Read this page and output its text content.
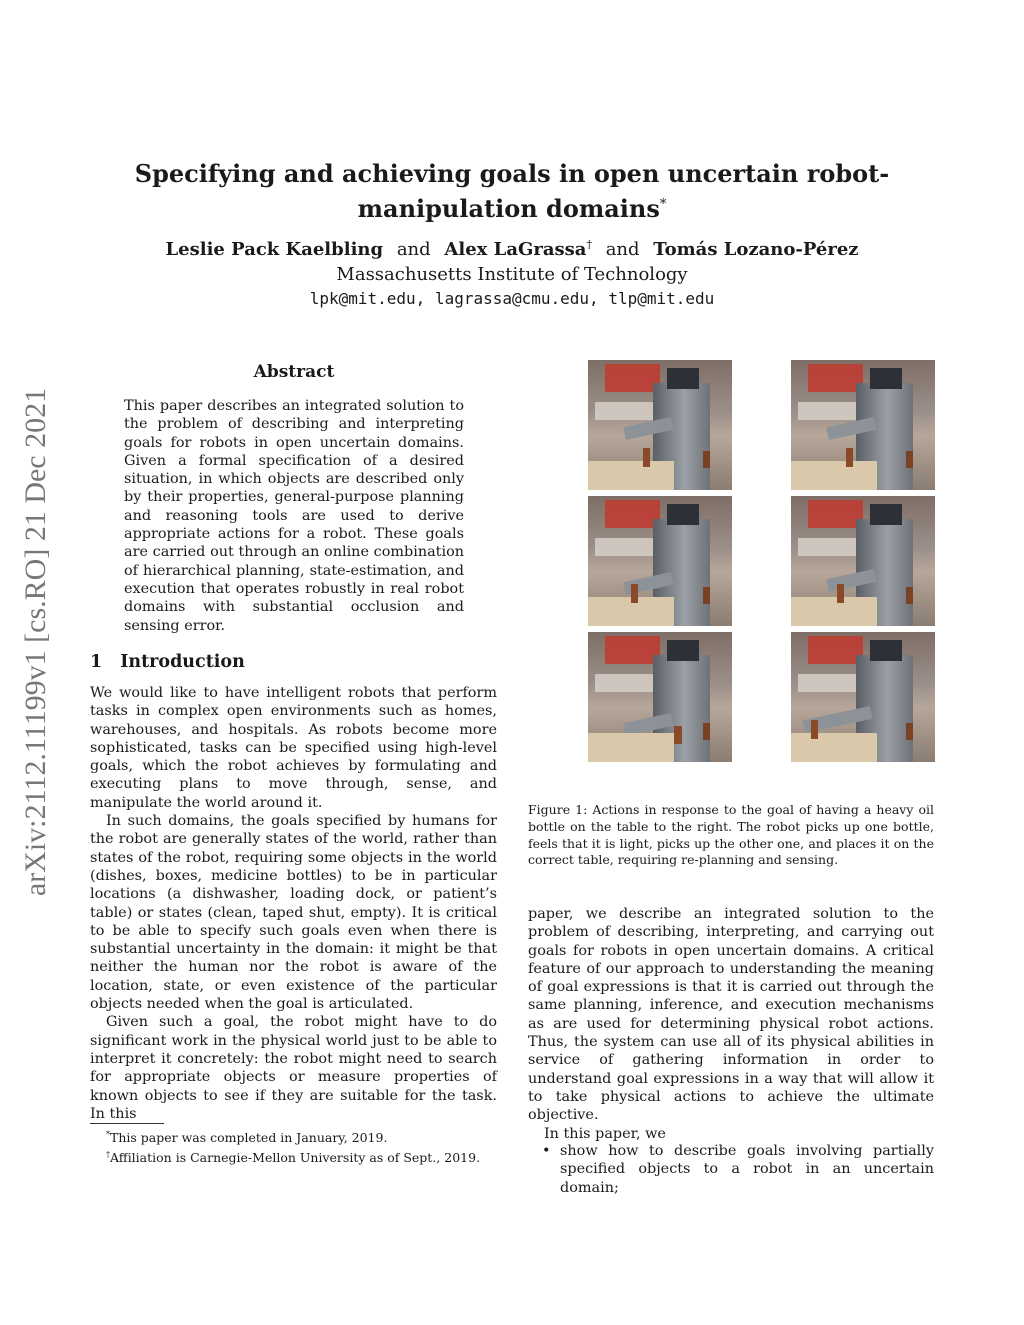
Specifying and achieving goals in open uncertain robot-manipulation domains*
Leslie Pack Kaelbling and Alex LaGrassa† and Tomás Lozano-Pérez
Massachusetts Institute of Technology
lpk@mit.edu, lagrassa@cmu.edu, tlp@mit.edu
arXiv:2112.11199v1 [cs.RO] 21 Dec 2021
Abstract
This paper describes an integrated solution to the problem of describing and interpreting goals for robots in open uncertain domains. Given a formal specification of a desired situation, in which objects are described only by their properties, general-purpose planning and reasoning tools are used to derive appropriate actions for a robot. These goals are carried out through an online combination of hierarchical planning, state-estimation, and execution that operates robustly in real robot domains with substantial occlusion and sensing error.
1 Introduction

We would like to have intelligent robots that perform tasks in complex open environments such as homes, warehouses, and hospitals. As robots become more sophisticated, tasks can be specified using high-level goals, which the robot achieves by formulating and executing plans to move through, sense, and manipulate the world around it.

In such domains, the goals specified by humans for the robot are generally states of the world, rather than states of the robot, requiring some objects in the world (dishes, boxes, medicine bottles) to be in particular locations (a dishwasher, loading dock, or patient’s table) or states (clean, taped shut, empty). It is critical to be able to specify such goals even when there is substantial uncertainty in the domain: it might be that neither the human nor the robot is aware of the location, state, or even existence of the particular objects needed when the goal is articulated.

Given such a goal, the robot might have to do significant work in the physical world just to be able to interpret it concretely: the robot might need to search for appropriate objects or measure properties of known objects to see if they are suitable for the task. In this

*This paper was completed in January, 2019.

†Affiliation is Carnegie-Mellon University as of Sept., 2019.

Figure 1: Actions in response to the goal of having a heavy oil bottle on the table to the right. The robot picks up one bottle, feels that it is light, picks up the other one, and places it on the correct table, requiring re-planning and sensing.

paper, we describe an integrated solution to the problem of describing, interpreting, and carrying out goals for robots in open uncertain domains. A critical feature of our approach to understanding the meaning of goal expressions is that it is carried out through the same planning, inference, and execution mechanisms as are used for determining physical robot actions. Thus, the system can use all of its physical abilities in service of gathering information in order to understand goal expressions in a way that will allow it to take physical actions to achieve the ultimate objective.

In this paper, we

• show how to describe goals involving partially specified objects to a robot in an uncertain domain;
